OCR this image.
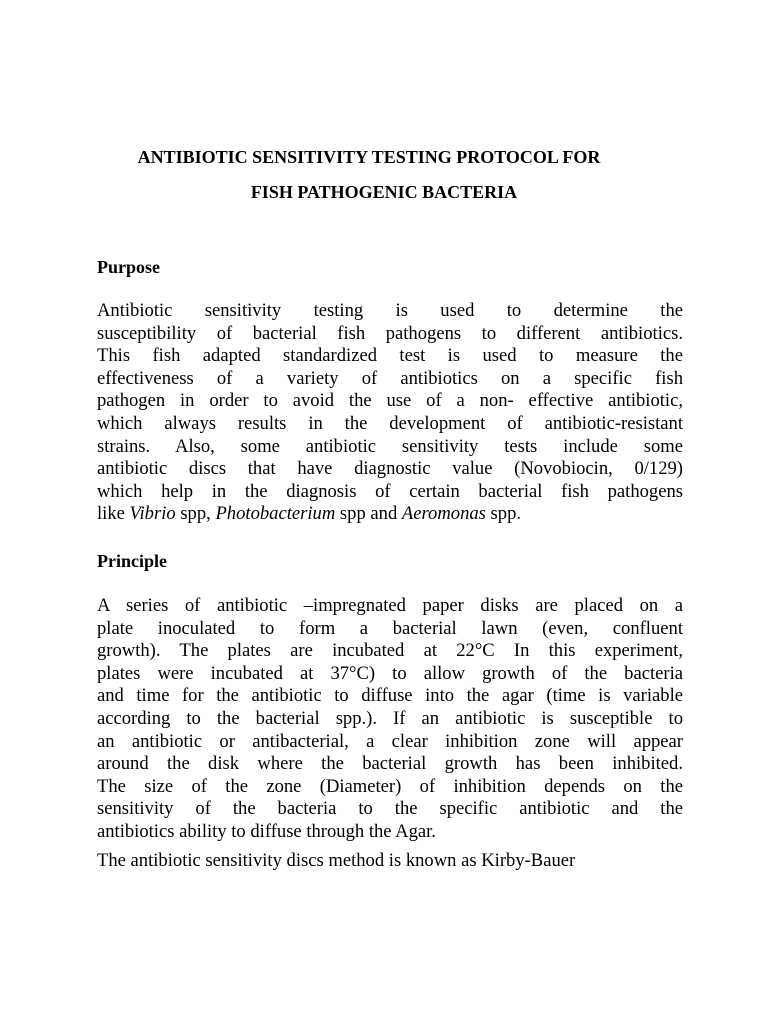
ANTIBIOTIC SENSITIVITY TESTING PROTOCOL FOR
FISH PATHOGENIC BACTERIA
Purpose
Antibiotic sensitivity testing is used to determine the
susceptibility of bacterial fish pathogens to different antibiotics.
This fish adapted standardized test is used to measure the
effectiveness of a variety of antibiotics on a specific fish
pathogen in order to avoid the use of a non- effective antibiotic,
which always results in the development of antibiotic-resistant
strains. Also, some antibiotic sensitivity tests include some
antibiotic discs that have diagnostic value (Novobiocin, 0/129)
which help in the diagnosis of certain bacterial fish pathogens
like Vibrio spp, Photobacterium spp and Aeromonas spp.
Principle
A series of antibiotic –impregnated paper disks are placed on a
plate inoculated to form a bacterial lawn (even, confluent
growth). The plates are incubated at 22°C In this experiment,
plates were incubated at 37°C) to allow growth of the bacteria
and time for the antibiotic to diffuse into the agar (time is variable
according to the bacterial spp.). If an antibiotic is susceptible to
an antibiotic or antibacterial, a clear inhibition zone will appear
around the disk where the bacterial growth has been inhibited.
The size of the zone (Diameter) of inhibition depends on the
sensitivity of the bacteria to the specific antibiotic and the
antibiotics ability to diffuse through the Agar.
The antibiotic sensitivity discs method is known as Kirby-Bauer
